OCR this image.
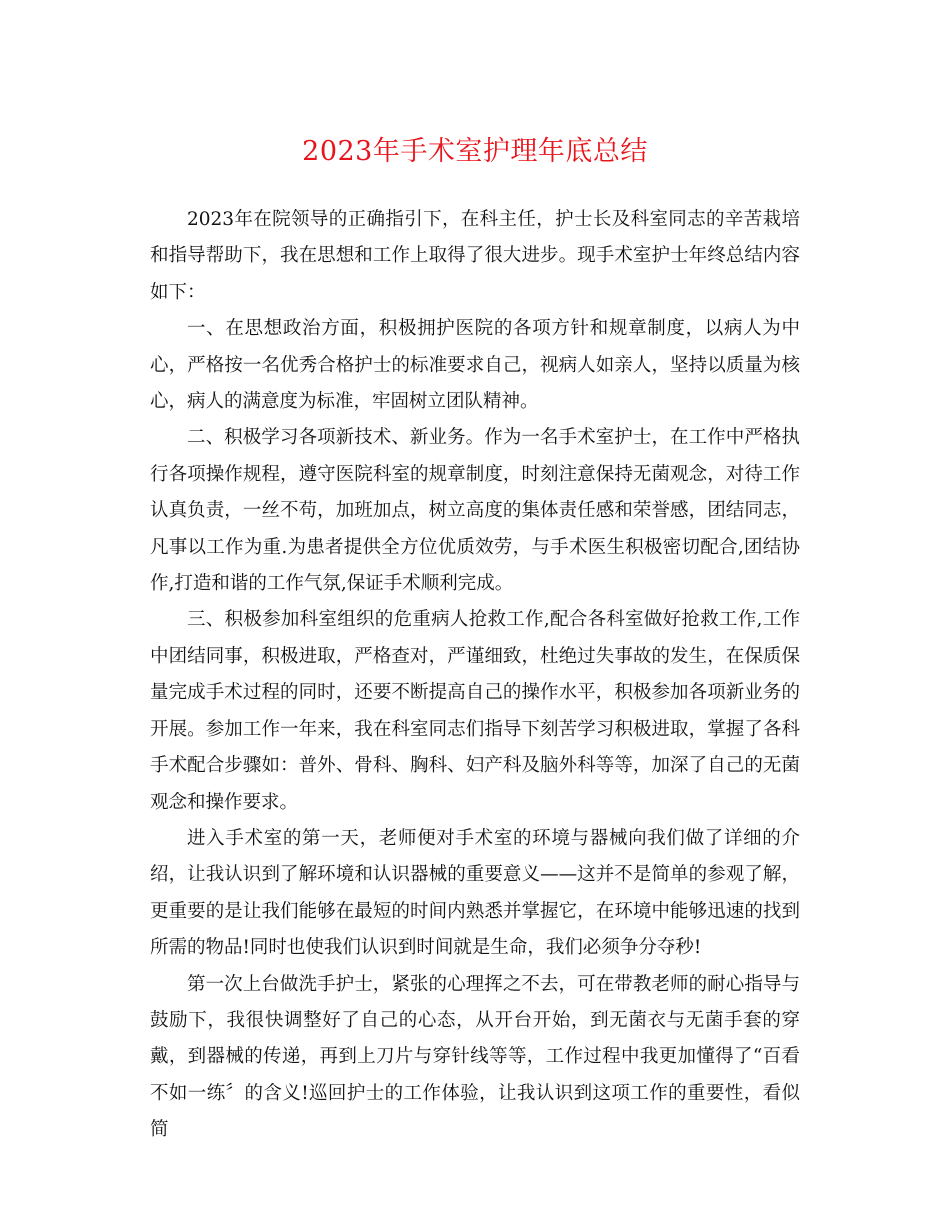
2023年手术室护理年底总结

2023年在院领导的正确指引下，在科主任，护士长及科室同志的辛苦栽培和指导帮助下，我在思想和工作上取得了很大进步。现手术室护士年终总结内容如下：

一、在思想政治方面，积极拥护医院的各项方针和规章制度，以病人为中心，严格按一名优秀合格护士的标准要求自己，视病人如亲人，坚持以质量为核心，病人的满意度为标准，牢固树立团队精神。

二、积极学习各项新技术、新业务。作为一名手术室护士，在工作中严格执行各项操作规程，遵守医院科室的规章制度，时刻注意保持无菌观念，对待工作认真负责，一丝不苟，加班加点，树立高度的集体责任感和荣誉感，团结同志，凡事以工作为重.为患者提供全方位优质效劳，与手术医生积极密切配合,团结协作,打造和谐的工作气氛,保证手术顺利完成。

三、积极参加科室组织的危重病人抢救工作,配合各科室做好抢救工作,工作中团结同事，积极进取，严格查对，严谨细致，杜绝过失事故的发生，在保质保量完成手术过程的同时，还要不断提高自己的操作水平，积极参加各项新业务的开展。参加工作一年来，我在科室同志们指导下刻苦学习积极进取，掌握了各科手术配合步骤如：普外、骨科、胸科、妇产科及脑外科等等，加深了自己的无菌观念和操作要求。

进入手术室的第一天，老师便对手术室的环境与器械向我们做了详细的介绍，让我认识到了解环境和认识器械的重要意义——这并不是简单的参观了解，更重要的是让我们能够在最短的时间内熟悉并掌握它，在环境中能够迅速的找到所需的物品!同时也使我们认识到时间就是生命，我们必须争分夺秒!

第一次上台做洗手护士，紧张的心理挥之不去，可在带教老师的耐心指导与鼓励下，我很快调整好了自己的心态，从开台开始，到无菌衣与无菌手套的穿戴，到器械的传递，再到上刀片与穿针线等等，工作过程中我更加懂得了“百看不如一练〞的含义!巡回护士的工作体验，让我认识到这项工作的重要性，看似简
